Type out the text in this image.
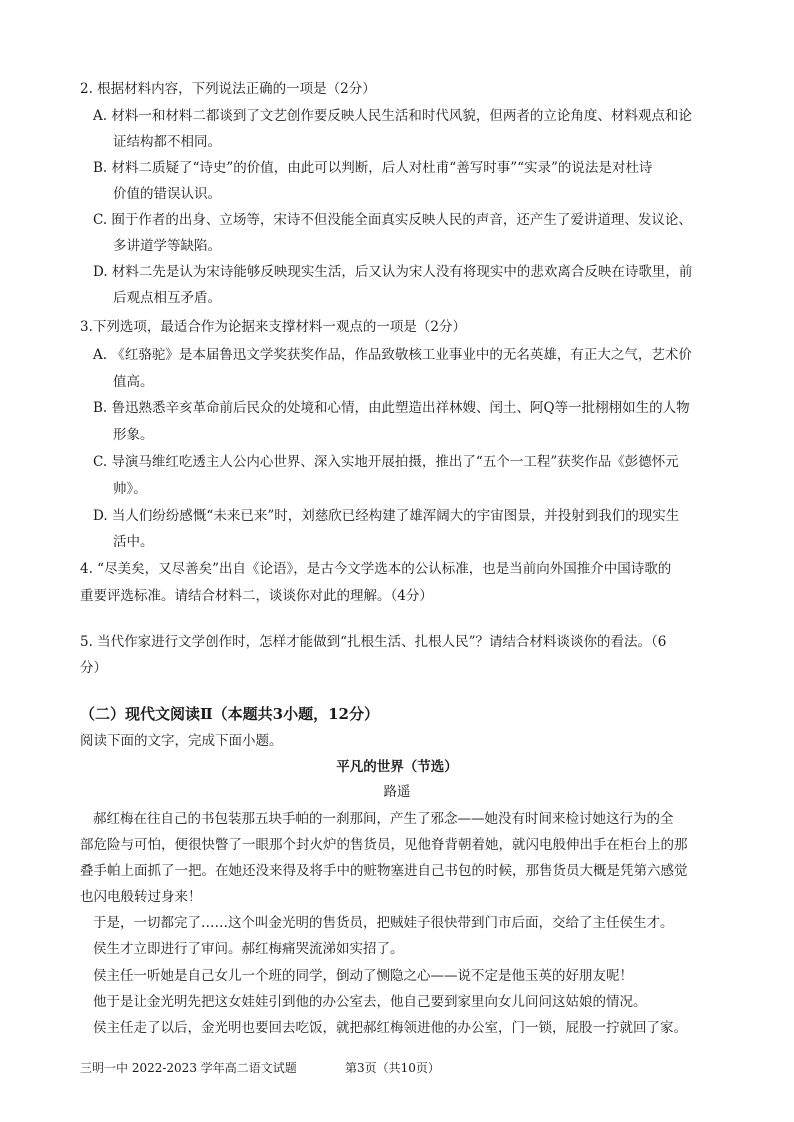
2. 根据材料内容，下列说法正确的一项是（2分）
A. 材料一和材料二都谈到了文艺创作要反映人民生活和时代风貌，但两者的立论角度、材料观点和论
证结构都不相同。
B. 材料二质疑了“诗史”的价值，由此可以判断，后人对杜甫“善写时事”“实录”的说法是对杜诗
价值的错误认识。
C. 囿于作者的出身、立场等，宋诗不但没能全面真实反映人民的声音，还产生了爱讲道理、发议论、
多讲道学等缺陷。
D. 材料二先是认为宋诗能够反映现实生活，后又认为宋人没有将现实中的悲欢离合反映在诗歌里，前
后观点相互矛盾。
3.下列选项，最适合作为论据来支撑材料一观点的一项是（2分）
A. 《红骆驼》是本届鲁迅文学奖获奖作品，作品致敬核工业事业中的无名英雄，有正大之气，艺术价
值高。
B. 鲁迅熟悉辛亥革命前后民众的处境和心情，由此塑造出祥林嫂、闰土、阿Q等一批栩栩如生的人物
形象。
C. 导演马维红吃透主人公内心世界、深入实地开展拍摄，推出了“五个一工程”获奖作品《彭德怀元
帅》。
D. 当人们纷纷感慨“未来已来”时，刘慈欣已经构建了雄浑阔大的宇宙图景，并投射到我们的现实生
活中。
4. “尽美矣，又尽善矣”出自《论语》，是古今文学选本的公认标准，也是当前向外国推介中国诗歌的
重要评选标准。请结合材料二，谈谈你对此的理解。（4分）
5. 当代作家进行文学创作时，怎样才能做到“扎根生活、扎根人民”？请结合材料谈谈你的看法。（6
分）
（二）现代文阅读Ⅱ（本题共3小题，12分）
阅读下面的文字，完成下面小题。
平凡的世界（节选）
路遥
郝红梅在往自己的书包装那五块手帕的一刹那间，产生了邪念——她没有时间来检讨她这行为的全
部危险与可怕，便很快瞥了一眼那个封火炉的售货员，见他脊背朝着她，就闪电般伸出手在柜台上的那
叠手帕上面抓了一把。在她还没来得及将手中的赃物塞进自己书包的时候，那售货员大概是凭第六感觉
也闪电般转过身来！
于是，一切都完了……这个叫金光明的售货员，把贼娃子很快带到门市后面，交给了主任侯生才。
侯生才立即进行了审问。郝红梅痛哭流涕如实招了。
侯主任一听她是自己女儿一个班的同学，倒动了恻隐之心——说不定是他玉英的好朋友呢！
他于是让金光明先把这女娃娃引到他的办公室去，他自己要到家里向女儿问问这姑娘的情况。
侯主任走了以后，金光明也要回去吃饭，就把郝红梅领进他的办公室，门一锁，屁股一拧就回了家。
三明一中 2022-2023 学年高二语文试题	第3页（共10页）
